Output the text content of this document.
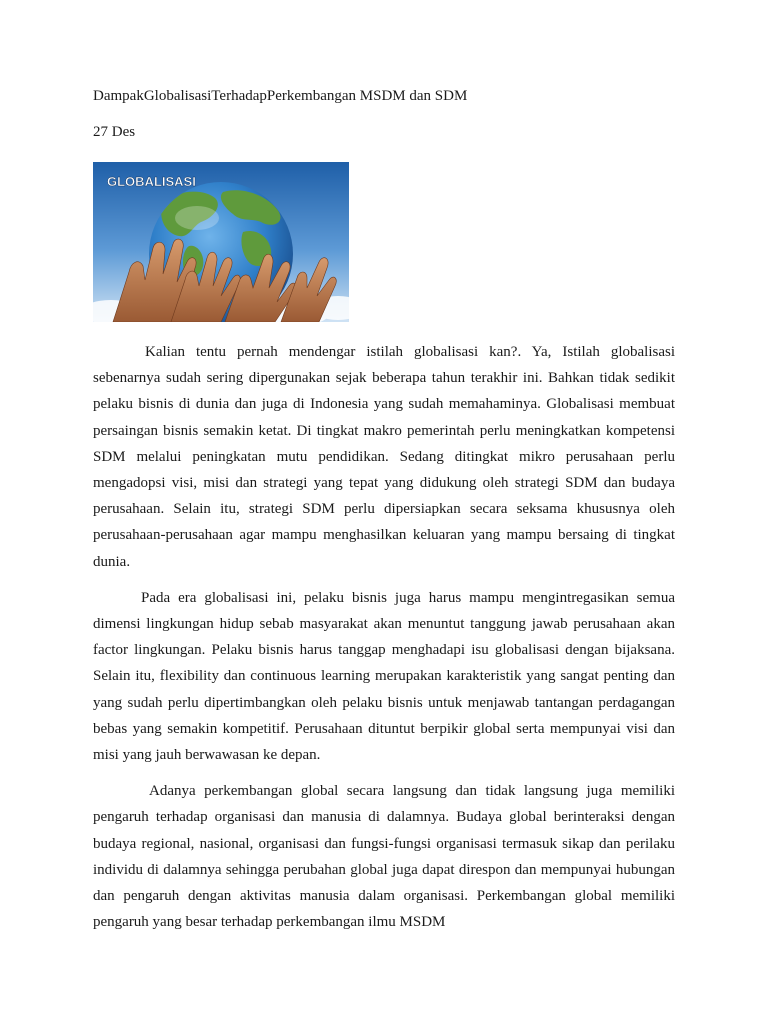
DampakGlobalisasiTerhadapPerkembangan MSDM dan SDM
27 Des
GLOBALISASI

Kalian tentu pernah mendengar istilah globalisasi kan?. Ya, Istilah globalisasi sebenarnya sudah sering dipergunakan sejak beberapa tahun terakhir ini. Bahkan tidak sedikit pelaku bisnis di dunia dan juga di Indonesia yang sudah memahaminya. Globalisasi membuat persaingan bisnis semakin ketat. Di tingkat makro pemerintah perlu meningkatkan kompetensi SDM melalui peningkatan mutu pendidikan. Sedang ditingkat mikro perusahaan perlu mengadopsi visi, misi dan strategi yang tepat yang didukung oleh strategi SDM dan budaya perusahaan. Selain itu, strategi SDM perlu dipersiapkan secara seksama khususnya oleh perusahaan-perusahaan agar mampu menghasilkan keluaran yang mampu bersaing di tingkat dunia.

Pada era globalisasi ini, pelaku bisnis juga harus mampu mengintregasikan semua dimensi lingkungan hidup sebab masyarakat akan menuntut tanggung jawab perusahaan akan factor lingkungan. Pelaku bisnis harus tanggap menghadapi isu globalisasi dengan bijaksana. Selain itu, flexibility dan continuous learning merupakan karakteristik yang sangat penting dan yang sudah perlu dipertimbangkan oleh pelaku bisnis untuk menjawab tantangan perdagangan bebas yang semakin kompetitif. Perusahaan dituntut berpikir global serta mempunyai visi dan misi yang jauh berwawasan ke depan.

Adanya perkembangan global secara langsung dan tidak langsung juga memiliki pengaruh terhadap organisasi dan manusia di dalamnya. Budaya global berinteraksi dengan budaya regional, nasional, organisasi dan fungsi-fungsi organisasi termasuk sikap dan perilaku individu di dalamnya sehingga perubahan global juga dapat direspon dan mempunyai hubungan dan pengaruh dengan aktivitas manusia dalam organisasi. Perkembangan global memiliki pengaruh yang besar terhadap perkembangan ilmu MSDM
